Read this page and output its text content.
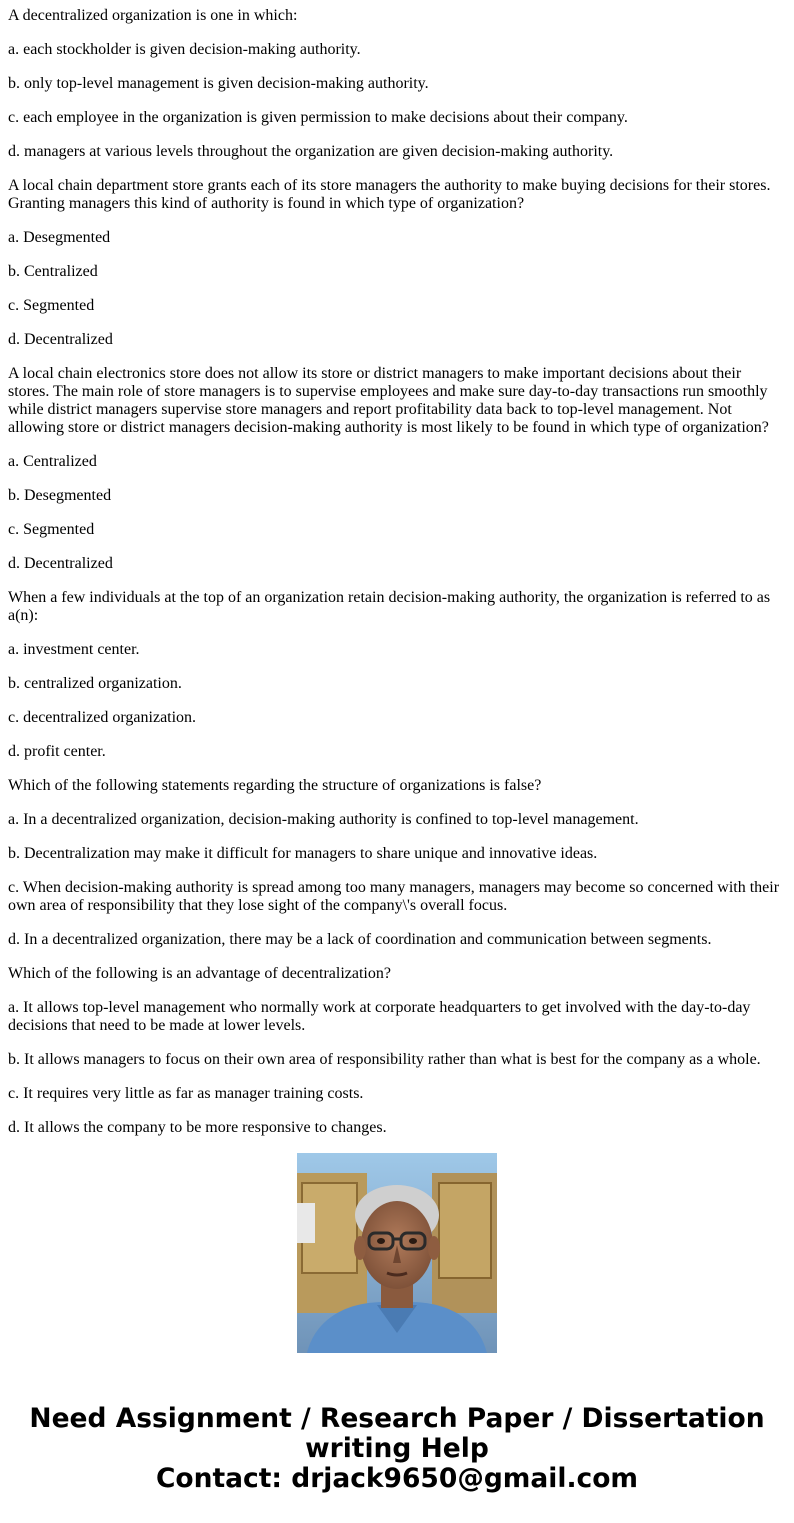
A decentralized organization is one in which:

a. each stockholder is given decision-making authority.

b. only top-level management is given decision-making authority.

c. each employee in the organization is given permission to make decisions about their company.

d. managers at various levels throughout the organization are given decision-making authority.

A local chain department store grants each of its store managers the authority to make buying decisions for their stores. Granting managers this kind of authority is found in which type of organization?

a. Desegmented

b. Centralized

c. Segmented

d. Decentralized

A local chain electronics store does not allow its store or district managers to make important decisions about their stores. The main role of store managers is to supervise employees and make sure day-to-day transactions run smoothly while district managers supervise store managers and report profitability data back to top-level management. Not allowing store or district managers decision-making authority is most likely to be found in which type of organization?

a. Centralized

b. Desegmented

c. Segmented

d. Decentralized

When a few individuals at the top of an organization retain decision-making authority, the organization is referred to as a(n):

a. investment center.

b. centralized organization.

c. decentralized organization.

d. profit center.

Which of the following statements regarding the structure of organizations is false?

a. In a decentralized organization, decision-making authority is confined to top-level management.

b. Decentralization may make it difficult for managers to share unique and innovative ideas.

c. When decision-making authority is spread among too many managers, managers may become so concerned with their own area of responsibility that they lose sight of the company\'s overall focus.

d. In a decentralized organization, there may be a lack of coordination and communication between segments.

Which of the following is an advantage of decentralization?

a. It allows top-level management who normally work at corporate headquarters to get involved with the day-to-day decisions that need to be made at lower levels.

b. It allows managers to focus on their own area of responsibility rather than what is best for the company as a whole.

c. It requires very little as far as manager training costs.

d. It allows the company to be more responsive to changes.

Need Assignment / Research Paper / Dissertation
writing Help
Contact: drjack9650@gmail.com
